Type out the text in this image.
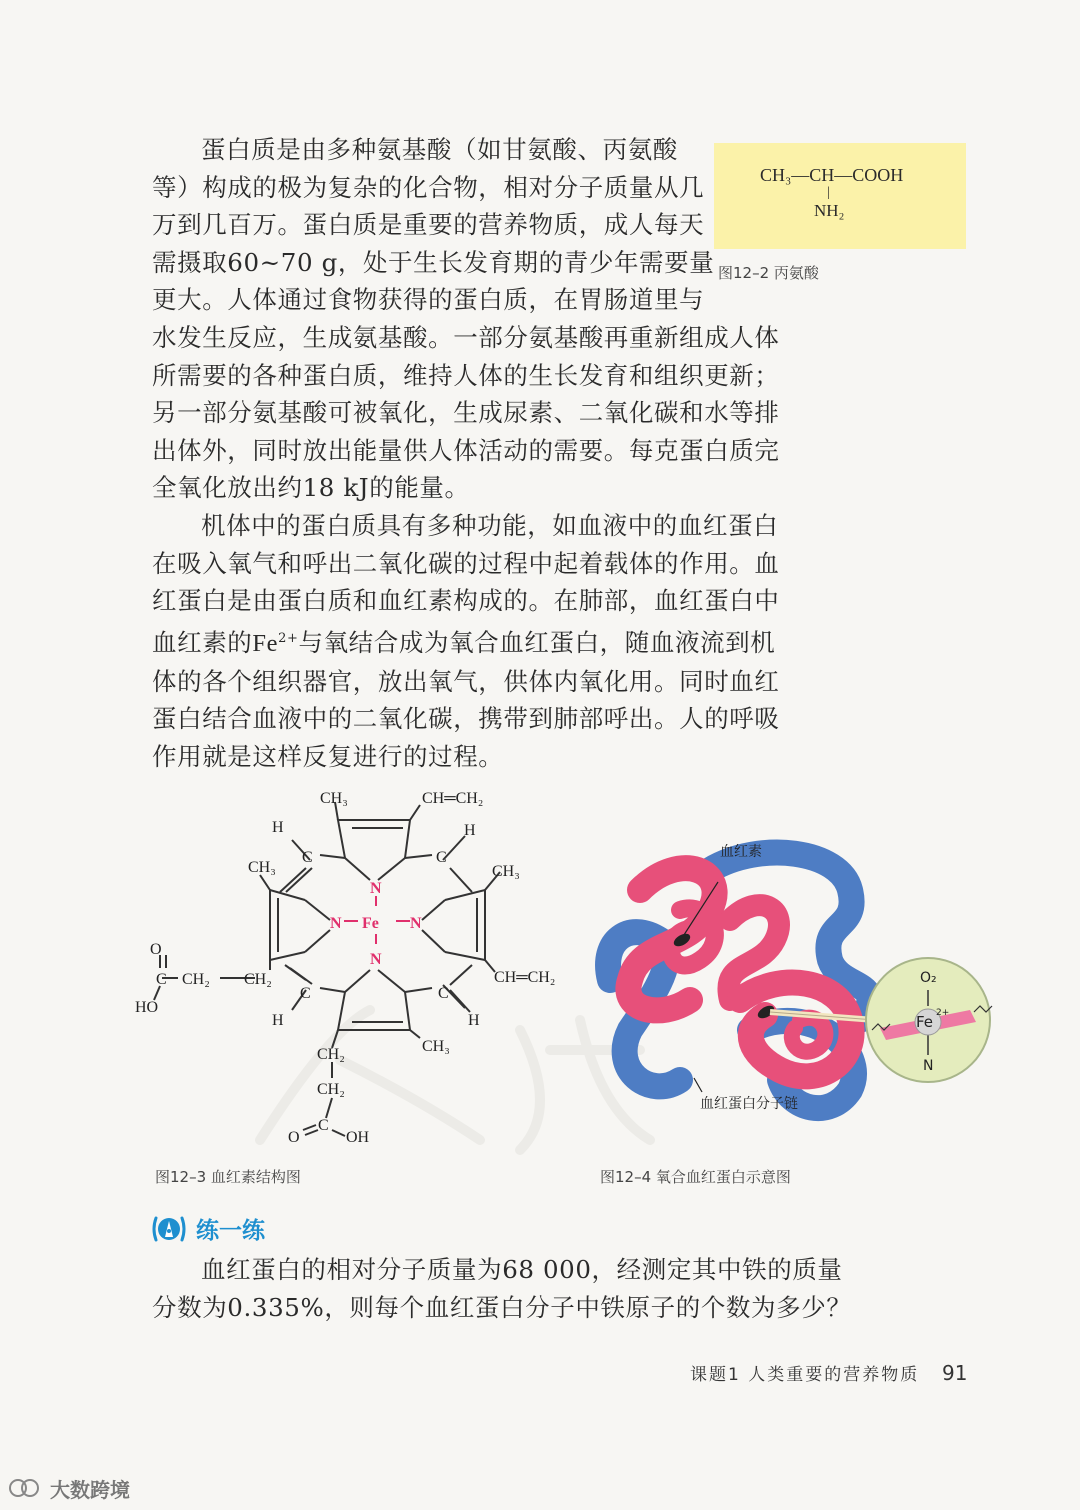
蛋白质是由多种氨基酸（如甘氨酸、丙氨酸
等）构成的极为复杂的化合物，相对分子质量从几
万到几百万。蛋白质是重要的营养物质，成人每天
需摄取60~70 g，处于生长发育期的青少年需要量
更大。人体通过食物获得的蛋白质，在胃肠道里与
水发生反应，生成氨基酸。一部分氨基酸再重新组成人体
所需要的各种蛋白质，维持人体的生长发育和组织更新；
另一部分氨基酸可被氧化，生成尿素、二氧化碳和水等排
出体外，同时放出能量供人体活动的需要。每克蛋白质完
全氧化放出约18 kJ的能量。

CH₃—CH—COOH
|
NH₂
图12–2 丙氨酸

机体中的蛋白质具有多种功能，如血液中的血红蛋白
在吸入氧气和呼出二氧化碳的过程中起着载体的作用。血
红蛋白是由蛋白质和血红素构成的。在肺部，血红蛋白中
血红素的$Fe^{2+}$与氧结合成为氧合血红蛋白，随血液流到机
体的各个组织器官，放出氧气，供体内氧化用。同时血红
蛋白结合血液中的二氧化碳，携带到肺部呼出。人的呼吸
作用就是这样反复进行的过程。

CH₃	CH═CH₂
H	H
C	C
CH₃	CH₃
N
N Fe N
N
O
C CH₂ CH₂
HO
CH═CH₂
C	C
H	H
CH₃
CH₂
CH₂
O
C
OH
图12–3 血红素结构图
血红素
血红蛋白分子链
O₂
Fe 2+
N
图12–4 氧合血红蛋白示意图
练一练

血红蛋白的相对分子质量为68 000，经测定其中铁的质量
分数为0.335%，则每个血红蛋白分子中铁原子的个数为多少？

课题1 人类重要的营养物质 91
大数跨境
